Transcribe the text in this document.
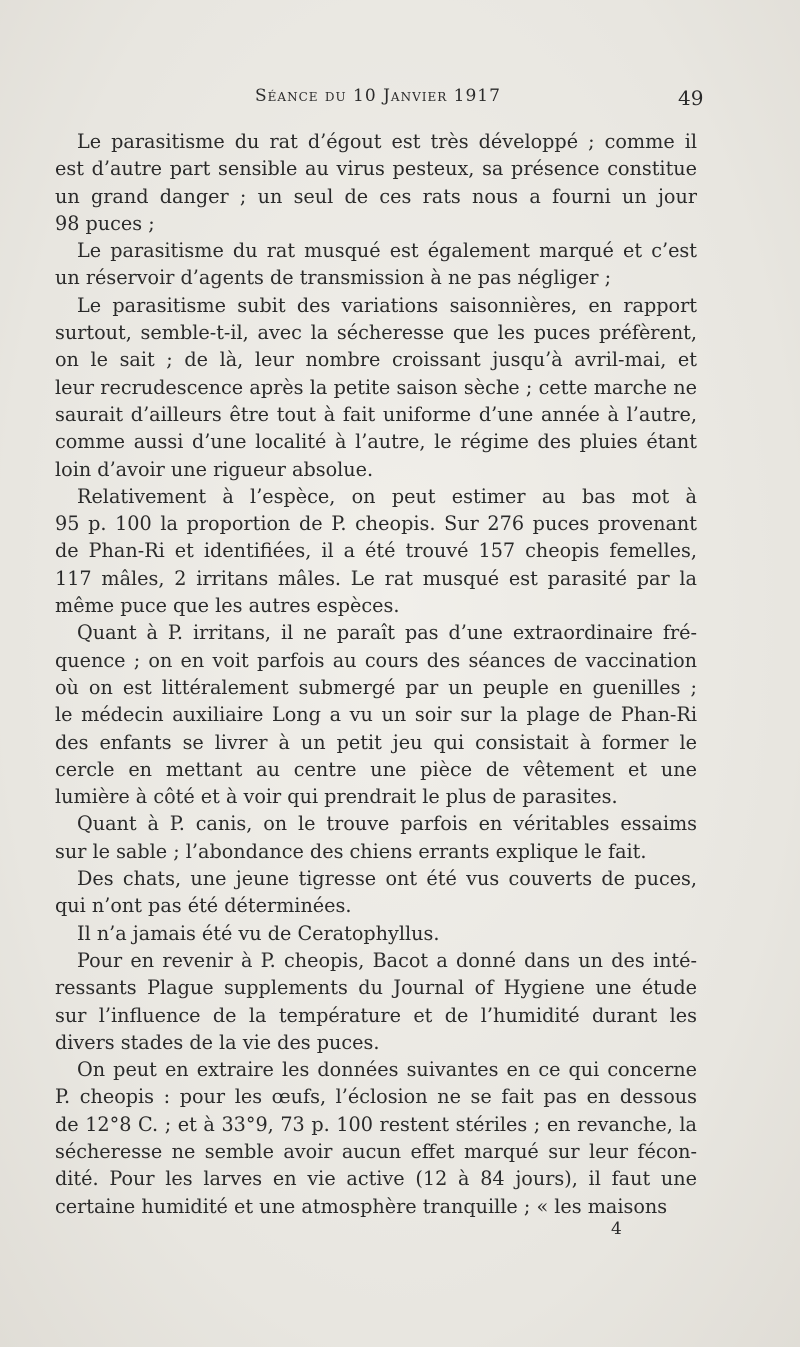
Séance du 10 Janvier 1917	49

Le parasitisme du rat d’égout est très développé ; comme il
est d’autre part sensible au virus pesteux, sa présence constitue
un grand danger ; un seul de ces rats nous a fourni un jour
98 puces ;

Le parasitisme du rat musqué est également marqué et c’est
un réservoir d’agents de transmission à ne pas négliger ;

Le parasitisme subit des variations saisonnières, en rapport
surtout, semble-t-il, avec la sécheresse que les puces préfèrent,
on le sait ; de là, leur nombre croissant jusqu’à avril-mai, et
leur recrudescence après la petite saison sèche ; cette marche ne
saurait d’ailleurs être tout à fait uniforme d’une année à l’autre,
comme aussi d’une localité à l’autre, le régime des pluies étant
loin d’avoir une rigueur absolue.

Relativement à l’espèce, on peut estimer au bas mot à
95 p. 100 la proportion de P. cheopis. Sur 276 puces provenant
de Phan-Ri et identifiées, il a été trouvé 157 cheopis femelles,
117 mâles, 2 irritans mâles. Le rat musqué est parasité par la
même puce que les autres espèces.

Quant à P. irritans, il ne paraît pas d’une extraordinaire fré-
quence ; on en voit parfois au cours des séances de vaccination
où on est littéralement submergé par un peuple en guenilles ;
le médecin auxiliaire Long a vu un soir sur la plage de Phan-Ri
des enfants se livrer à un petit jeu qui consistait à former le
cercle en mettant au centre une pièce de vêtement et une
lumière à côté et à voir qui prendrait le plus de parasites.

Quant à P. canis, on le trouve parfois en véritables essaims
sur le sable ; l’abondance des chiens errants explique le fait.

Des chats, une jeune tigresse ont été vus couverts de puces,
qui n’ont pas été déterminées.

Il n’a jamais été vu de Ceratophyllus.

Pour en revenir à P. cheopis, Bacot a donné dans un des inté-
ressants Plague supplements du Journal of Hygiene une étude
sur l’influence de la température et de l’humidité durant les
divers stades de la vie des puces.

On peut en extraire les données suivantes en ce qui concerne
P. cheopis : pour les œufs, l’éclosion ne se fait pas en dessous
de 12°8 C. ; et à 33°9, 73 p. 100 restent stériles ; en revanche, la
sécheresse ne semble avoir aucun effet marqué sur leur fécon-
dité. Pour les larves en vie active (12 à 84 jours), il faut une
certaine humidité et une atmosphère tranquille ; « les maisons

4
